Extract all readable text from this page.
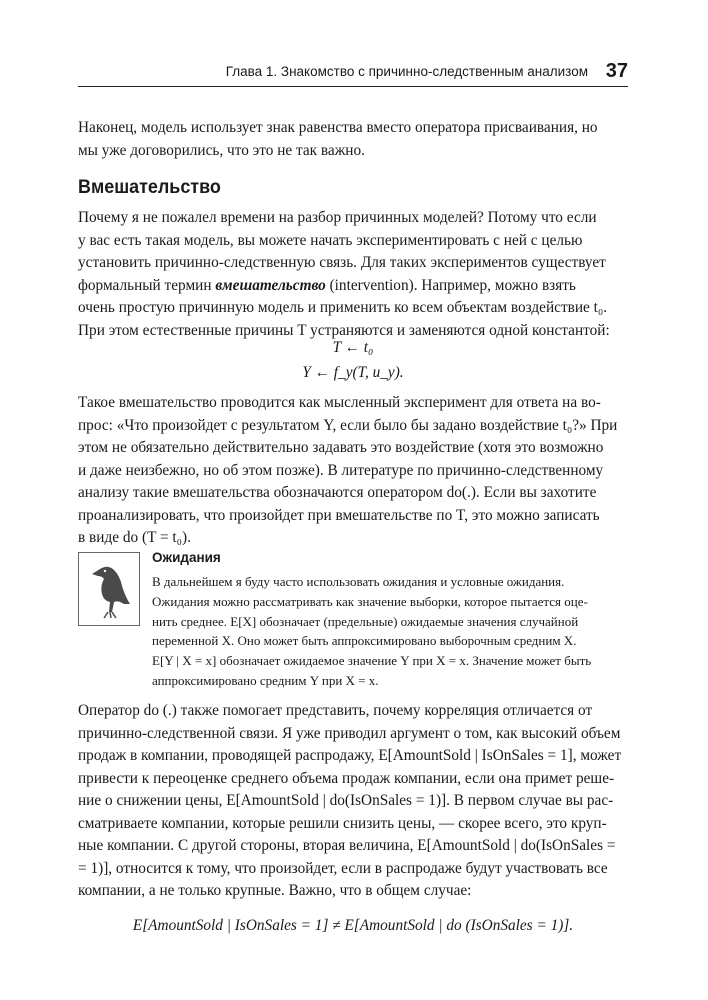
Глава 1. Знакомство с причинно-следственным анализом 37
Наконец, модель использует знак равенства вместо оператора присваивания, но
мы уже договорились, что это не так важно.
Вмешательство
Почему я не пожалел времени на разбор причинных моделей? Потому что если
у вас есть такая модель, вы можете начать экспериментировать с ней с целью
установить причинно-следственную связь. Для таких экспериментов существует
формальный термин вмешательство (intervention). Например, можно взять
очень простую причинную модель и применить ко всем объектам воздействие t₀.
При этом естественные причины T устраняются и заменяются одной константой:
T ← t₀
Y ← f_y(T, u_y).
Такое вмешательство проводится как мысленный эксперимент для ответа на во-
прос: «Что произойдет с результатом Y, если было бы задано воздействие t₀?» При
этом не обязательно действительно задавать это воздействие (хотя это возможно
и даже неизбежно, но об этом позже). В литературе по причинно-следственному
анализу такие вмешательства обозначаются оператором do(.). Если вы захотите
проанализировать, что произойдет при вмешательстве по T, это можно записать
в виде do (T = t₀).
Ожидания
В дальнейшем я буду часто использовать ожидания и условные ожидания.
Ожидания можно рассматривать как значение выборки, которое пытается оце-
нить среднее. E[X] обозначает (предельные) ожидаемые значения случайной
переменной X. Оно может быть аппроксимировано выборочным средним X.
E[Y | X = x] обозначает ожидаемое значение Y при X = x. Значение может быть
аппроксимировано средним Y при X = x.
Оператор do (.) также помогает представить, почему корреляция отличается от
причинно-следственной связи. Я уже приводил аргумент о том, как высокий объем
продаж в компании, проводящей распродажу, E[AmountSold | IsOnSales = 1], может
привести к переоценке среднего объема продаж компании, если она примет реше-
ние о снижении цены, E[AmountSold | do(IsOnSales = 1)]. В первом случае вы рас-
сматриваете компании, которые решили снизить цены, — скорее всего, это круп-
ные компании. С другой стороны, вторая величина, E[AmountSold | do(IsOnSales =
= 1)], относится к тому, что произойдет, если в распродаже будут участвовать все
компании, а не только крупные. Важно, что в общем случае:
E[AmountSold | IsOnSales = 1] ≠ E[AmountSold | do (IsOnSales = 1)].
